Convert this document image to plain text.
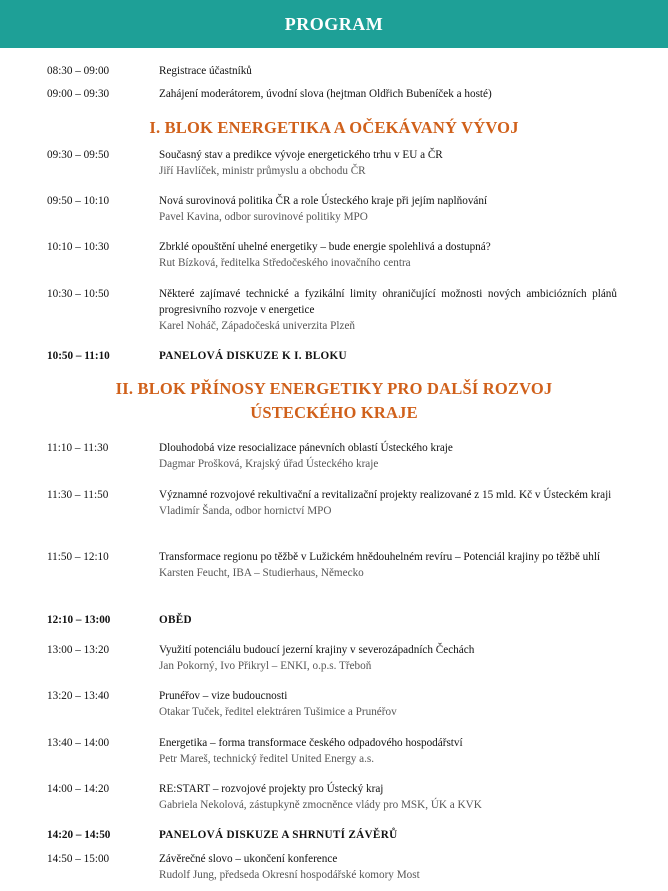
PROGRAM
08:30 – 09:00	Registrace účastníků
09:00 – 09:30	Zahájení moderátorem, úvodní slova (hejtman Oldřich Bubeníček a hosté)
I. BLOK ENERGETIKA A OČEKÁVANÝ VÝVOJ
09:30 – 09:50	Současný stav a predikce vývoje energetického trhu v EU a ČR
Jiří Havlíček, ministr průmyslu a obchodu ČR
09:50 – 10:10	Nová surovinová politika ČR a role Ústeckého kraje při jejím naplňování
Pavel Kavina, odbor surovinové politiky MPO
10:10 – 10:30	Zbrklé opouštění uhelné energetiky – bude energie spolehlivá a dostupná?
Rut Bízková, ředitelka Středočeského inovačního centra
10:30 – 10:50	Některé zajímavé technické a fyzikální limity ohraničující možnosti nových ambiciózních plánů progresivního rozvoje v energetice
Karel Noháč, Západočeská univerzita Plzeň
10:50 – 11:10	PANELOVÁ DISKUZE K I. BLOKU
II. BLOK PŘÍNOSY ENERGETIKY PRO DALŠÍ ROZVOJ
ÚSTECKÉHO KRAJE
11:10 – 11:30	Dlouhodobá vize resocializace pánevních oblastí Ústeckého kraje
Dagmar Prošková, Krajský úřad Ústeckého kraje
11:30 – 11:50	Významné rozvojové rekultivační a revitalizační projekty realizované z 15 mld. Kč v Ústeckém kraji
Vladimír Šanda, odbor hornictví MPO
11:50 – 12:10	Transformace regionu po těžbě v Lužickém hnědouhelném revíru – Potenciál krajiny po těžbě uhlí
Karsten Feucht, IBA – Studierhaus, Německo
12:10 – 13:00	OBĚD
13:00 – 13:20	Využití potenciálu budoucí jezerní krajiny v severozápadních Čechách
Jan Pokorný, Ivo Přikryl – ENKI, o.p.s. Třeboň
13:20 – 13:40	Prunéřov – vize budoucnosti
Otakar Tuček, ředitel elektráren Tušimice a Prunéřov
13:40 – 14:00	Energetika – forma transformace českého odpadového hospodářství
Petr Mareš, technický ředitel United Energy a.s.
14:00 – 14:20	RE:START – rozvojové projekty pro Ústecký kraj
Gabriela Nekolová, zástupkyně zmocněnce vlády pro MSK, ÚK a KVK
14:20 – 14:50	PANELOVÁ DISKUZE A SHRNUTÍ ZÁVĚRŮ
14:50 – 15:00	Závěrečné slovo – ukončení konference
Rudolf Jung, předseda Okresní hospodářské komory Most
